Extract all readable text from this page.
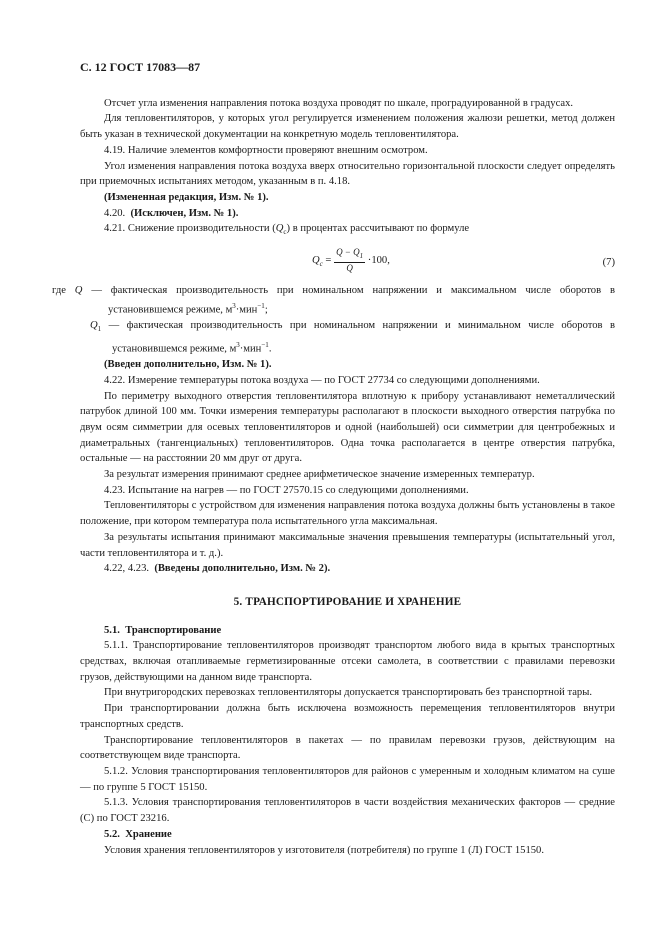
С. 12 ГОСТ 17083—87

Отсчет угла изменения направления потока воздуха проводят по шкале, проградуированной в градусах.

Для тепловентиляторов, у которых угол регулируется изменением положения жалюзи решетки, метод должен быть указан в технической документации на конкретную модель тепловентилятора.

4.19. Наличие элементов комфортности проверяют внешним осмотром.

Угол изменения направления потока воздуха вверх относительно горизонтальной плоскости следует определять при приемочных испытаниях методом, указанным в п. 4.18.

(Измененная редакция, Изм. № 1).

4.20. (Исключен, Изм. № 1).

4.21. Снижение производительности $(Q_c)$ в процентах рассчитывают по формуле

$Q_c = \frac{Q - Q_1}{Q} \cdot 100$,	(7)

где Q — фактическая производительность при номинальном напряжении и максимальном числе оборотов в установившемся режиме, $м^3\cdot мин^{-1}$;

$Q_1$ — фактическая производительность при номинальном напряжении и минимальном числе оборотов в установившемся режиме, $м^3\cdot мин^{-1}$.

(Введен дополнительно, Изм. № 1).

4.22. Измерение температуры потока воздуха — по ГОСТ 27734 со следующими дополнениями.

По периметру выходного отверстия тепловентилятора вплотную к прибору устанавливают неметаллический патрубок длиной 100 мм. Точки измерения температуры располагают в плоскости выходного отверстия патрубка по двум осям симметрии для осевых тепловентиляторов и одной (наибольшей) оси симметрии для центробежных и диаметральных (тангенциальных) тепловентиляторов. Одна точка располагается в центре отверстия патрубка, остальные — на расстоянии 20 мм друг от друга.

За результат измерения принимают среднее арифметическое значение измеренных температур.

4.23. Испытание на нагрев — по ГОСТ 27570.15 со следующими дополнениями.

Тепловентиляторы с устройством для изменения направления потока воздуха должны быть установлены в такое положение, при котором температура пола испытательного угла максимальная.

За результаты испытания принимают максимальные значения превышения температуры (испытательный угол, части тепловентилятора и т. д.).

4.22, 4.23. (Введены дополнительно, Изм. № 2).

5. ТРАНСПОРТИРОВАНИЕ И ХРАНЕНИЕ

5.1. Транспортирование

5.1.1. Транспортирование тепловентиляторов производят транспортом любого вида в крытых транспортных средствах, включая отапливаемые герметизированные отсеки самолета, в соответствии с правилами перевозки грузов, действующими на данном виде транспорта.

При внутригородских перевозках тепловентиляторы допускается транспортировать без транспортной тары.

При транспортировании должна быть исключена возможность перемещения тепловентиляторов внутри транспортных средств.

Транспортирование тепловентиляторов в пакетах — по правилам перевозки грузов, действующим на соответствующем виде транспорта.

5.1.2. Условия транспортирования тепловентиляторов для районов с умеренным и холодным климатом на суше — по группе 5 ГОСТ 15150.

5.1.3. Условия транспортирования тепловентиляторов в части воздействия механических факторов — средние (С) по ГОСТ 23216.

5.2. Хранение

Условия хранения тепловентиляторов у изготовителя (потребителя) по группе 1 (Л) ГОСТ 15150.
